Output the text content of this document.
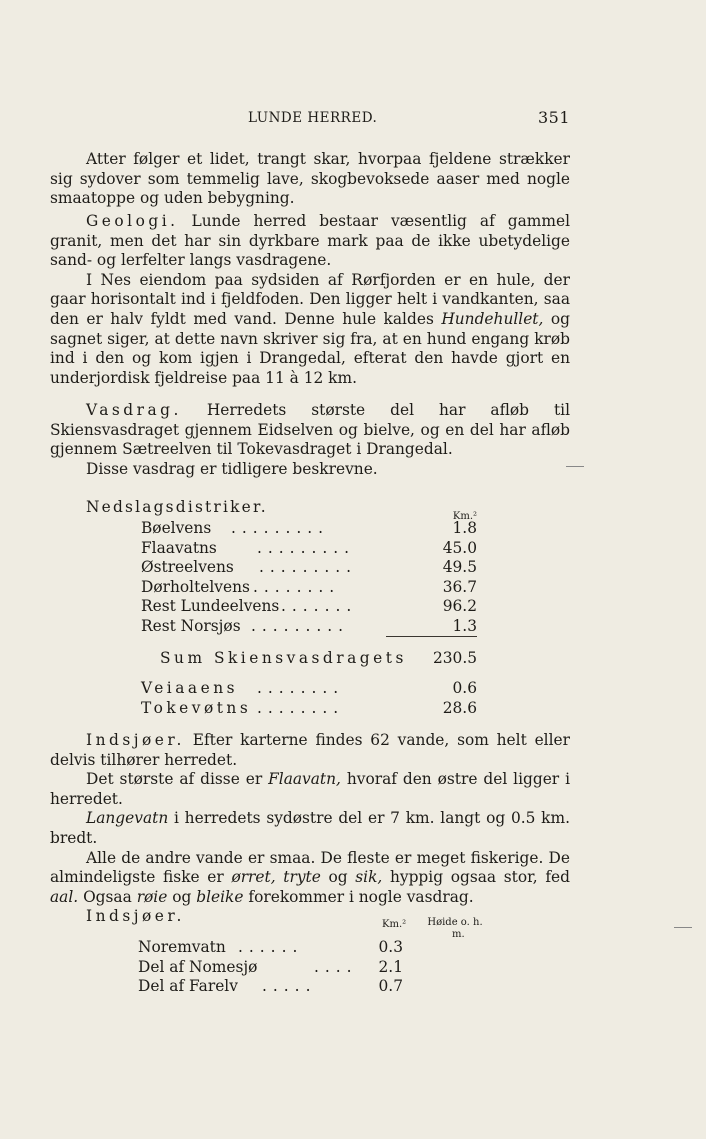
LUNDE HERRED.	351

Atter følger et lidet, trangt skar, hvorpaa fjeldene strækker sig sydover som temmelig lave, skogbevoksede aaser med nogle smaatoppe og uden bebygning.

Geologi. Lunde herred bestaar væsentlig af gammel granit, men det har sin dyrkbare mark paa de ikke ubetydelige sand- og lerfelter langs vasdragene.

I Nes eiendom paa sydsiden af Rørfjorden er en hule, der gaar horisontalt ind i fjeldfoden. Den ligger helt i vandkanten, saa den er halv fyldt med vand. Denne hule kaldes Hundehullet, og sagnet siger, at dette navn skriver sig fra, at en hund engang krøb ind i den og kom igjen i Drangedal, efterat den havde gjort en underjordisk fjeldreise paa 11 à 12 km.

Vasdrag. Herredets største del har afløb til Skiensvasdraget gjennem Eidselven og bielve, og en del har afløb gjennem Sætreelven til Tokevasdraget i Drangedal.

Disse vasdrag er tidligere beskrevne.

Nedslagsdistriker.

Km.²
Bøelvens .........	1.8
Flaavatns	.........	45.0
Østreelvens .........	49.5
Dørholtelvens ........	36.7
Rest Lundeelvens .......	96.2
Rest Norsjøs .........	1.3
Sum Skiensvasdragets 230.5
Veiaaens ........	0.6
Tokevøtns ........	28.6

Indsjøer. Efter karterne findes 62 vande, som helt eller delvis tilhører herredet.

Det største af disse er Flaavatn, hvoraf den østre del ligger i herredet.

Langevatn i herredets sydøstre del er 7 km. langt og 0.5 km. bredt.

Alle de andre vande er smaa. De fleste er meget fiskerige. De almindeligste fiske er ørret, tryte og sik, hyppig ogsaa stor, fed aal. Ogsaa røie og bleike forekommer i nogle vasdrag.

Indsjøer.	Km.² Høide o. h.
m.
Noremvatn ......	0.3
Del af Nomesjø	.... 2.1
Del af Farelv .....	0.7
